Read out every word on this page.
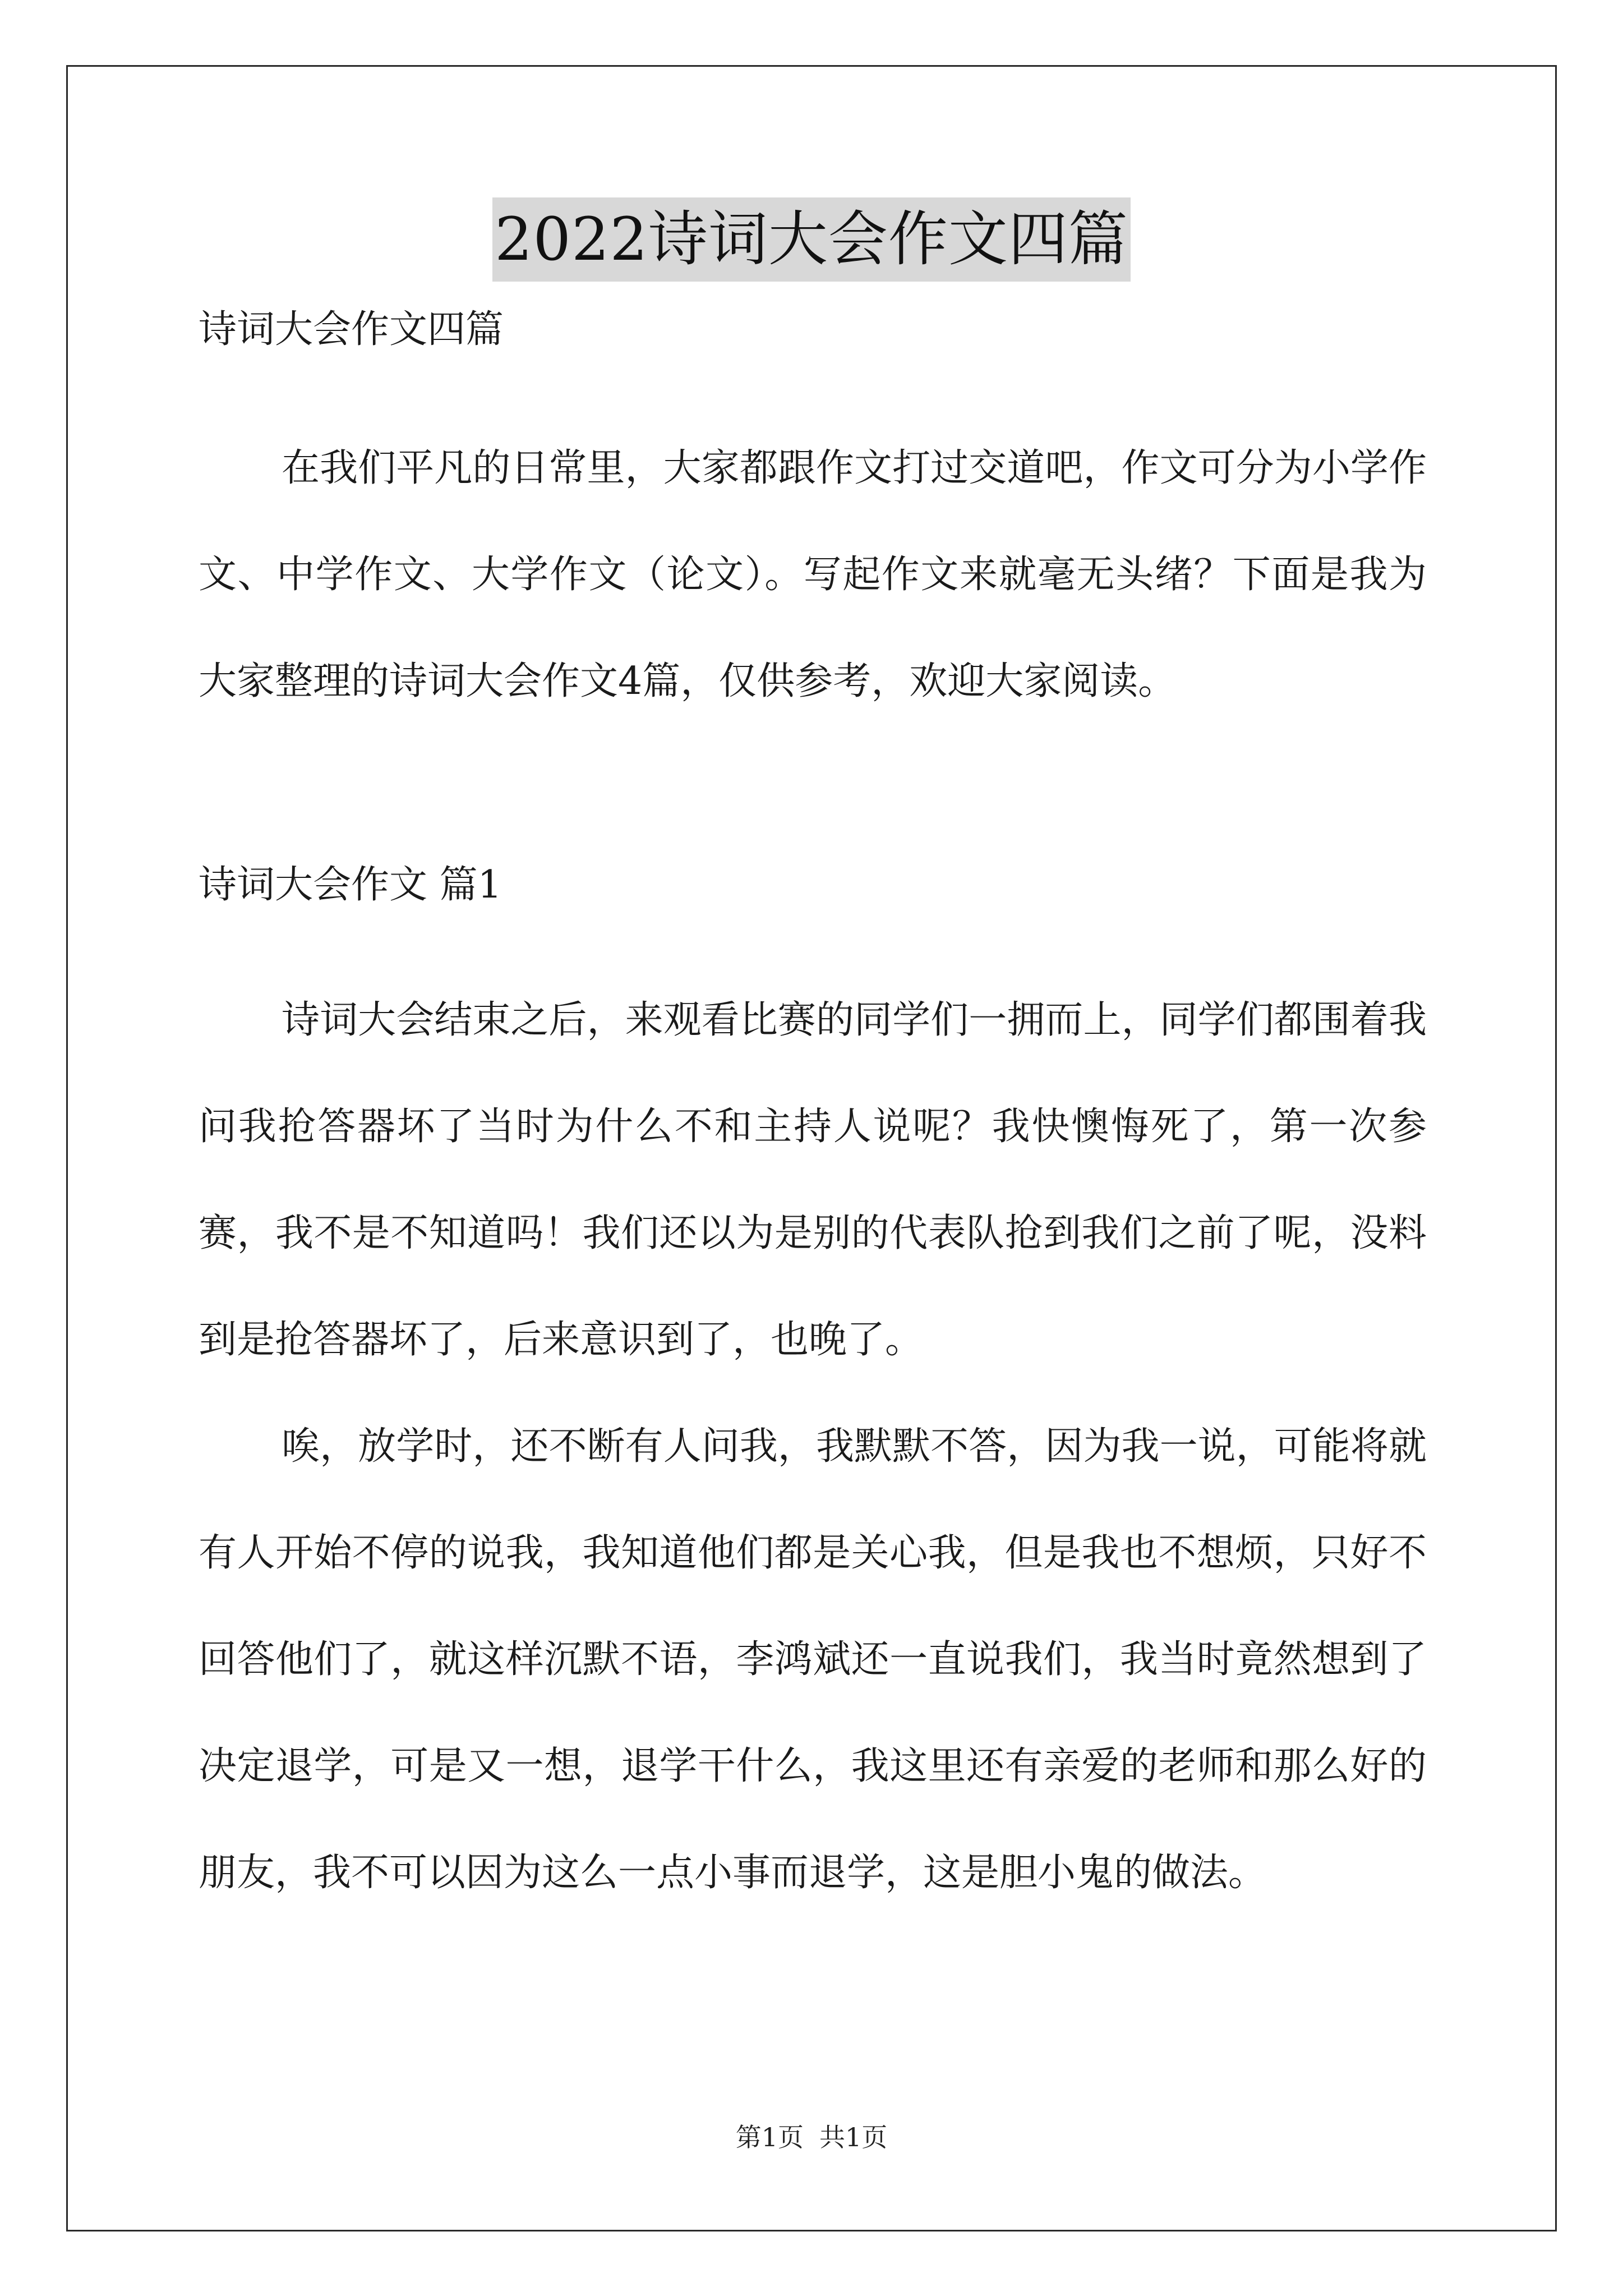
2022诗词大会作文四篇

诗词大会作文四篇

在我们平凡的日常里，大家都跟作文打过交道吧，作文可分为小学作文、中学作文、大学作文（论文）。写起作文来就毫无头绪？下面是我为大家整理的诗词大会作文4篇，仅供参考，欢迎大家阅读。

诗词大会作文 篇1

诗词大会结束之后，来观看比赛的同学们一拥而上，同学们都围着我问我抢答器坏了当时为什么不和主持人说呢？我快懊悔死了，第一次参赛，我不是不知道吗！我们还以为是别的代表队抢到我们之前了呢，没料到是抢答器坏了，后来意识到了，也晚了。

唉，放学时，还不断有人问我，我默默不答，因为我一说，可能将就有人开始不停的说我，我知道他们都是关心我，但是我也不想烦，只好不回答他们了，就这样沉默不语，李鸿斌还一直说我们，我当时竟然想到了决定退学，可是又一想，退学干什么，我这里还有亲爱的老师和那么好的朋友，我不可以因为这么一点小事而退学，这是胆小鬼的做法。

第1页 共1页
